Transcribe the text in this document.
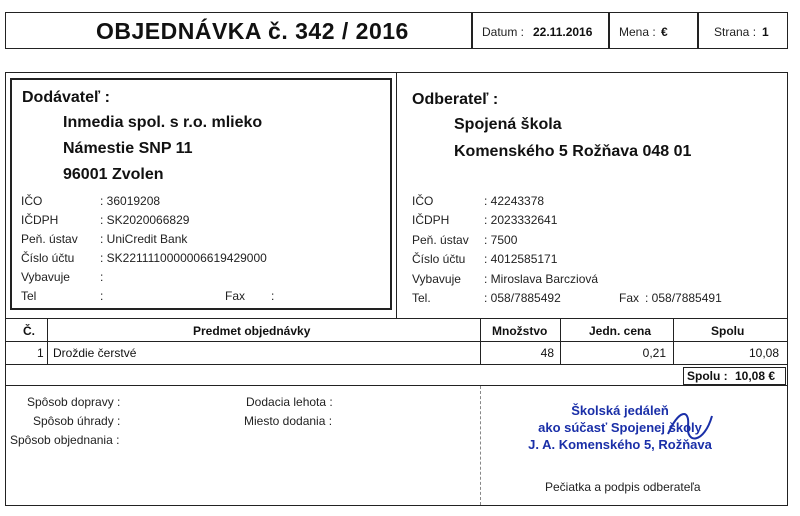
OBJEDNÁVKA č. 342 / 2016	Datum : 22.11.2016 Mena : €	Strana : 1
Dodávateľ :
Inmedia spol. s r.o. mlieko
Námestie SNP 11
96001 Zvolen
IČO	: 36019208
IČDPH	: SK2020066829
Peň. ústav : UniCredit Bank
Číslo účtu : SK2211110000006619429000
Vybavuje	:
Tel	:	Fax :
Odberateľ :
Spojená škola
Komenského 5 Rožňava 048 01
IČO	: 42243378
IČDPH	: 2023332641
Peň. ústav : 7500
Číslo účtu : 4012585171
Vybavuje : Miroslava Barcziová
Tel.	: 058/7885492	Fax : 058/7885491
Č.	Predmet objednávky	Množstvo	Jedn. cena	Spolu
1 Droždie čerstvé	48	0,21	10,08
Spolu : 10,08 €
Spôsob dopravy :
Spôsob úhrady :
Spôsob objednania :
Dodacia lehota :
Miesto dodania :
Školská jedáleň
ako súčasť Spojenej školy
J. A. Komenského 5, Rožňava
Pečiatka a podpis odberateľa
